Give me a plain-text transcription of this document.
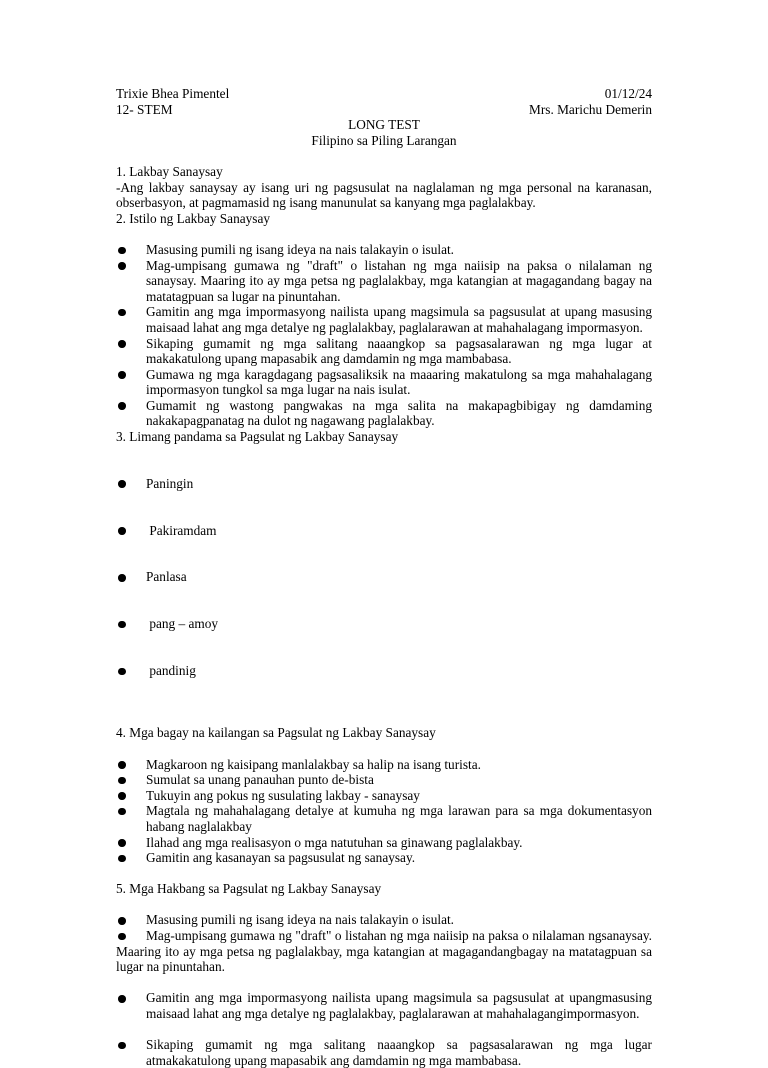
Trixie Bhea Pimentel	01/12/24
12- STEM	Mrs. Marichu Demerin
LONG TEST
Filipino sa Piling Larangan
1. Lakbay Sanaysay
-Ang lakbay sanaysay ay isang uri ng pagsusulat na naglalaman ng mga personal na karanasan, obserbasyon, at pagmamasid ng isang manunulat sa kanyang mga paglalakbay.
2. Istilo ng Lakbay Sanaysay
Masusing pumili ng isang ideya na nais talakayin o isulat.
Mag-umpisang gumawa ng "draft" o listahan ng mga naiisip na paksa o nilalaman ng sanaysay. Maaring ito ay mga petsa ng paglalakbay, mga katangian at magagandang bagay na matatagpuan sa lugar na pinuntahan.
Gamitin ang mga impormasyong nailista upang magsimula sa pagsusulat at upang masusing maisaad lahat ang mga detalye ng paglalakbay, paglalarawan at mahahalagang impormasyon.
Sikaping gumamit ng mga salitang naaangkop sa pagsasalarawan ng mga lugar at makakatulong upang mapasabik ang damdamin ng mga mambabasa.
Gumawa ng mga karagdagang pagsasaliksik na maaaring makatulong sa mga mahahalagang impormasyon tungkol sa mga lugar na nais isulat.
Gumamit ng wastong pangwakas na mga salita na makapagbibigay ng damdaming nakakapagpanatag na dulot ng nagawang paglalakbay.
3. Limang pandama sa Pagsulat ng Lakbay Sanaysay

Paningin

Pakiramdam

Panlasa

pang – amoy

pandinig

4. Mga bagay na kailangan sa Pagsulat ng Lakbay Sanaysay
Magkaroon ng kaisipang manlalakbay sa halip na isang turista.
Sumulat sa unang panauhan punto de-bista
Tukuyin ang pokus ng susulating lakbay - sanaysay
Magtala ng mahahalagang detalye at kumuha ng mga larawan para sa mga dokumentasyon habang naglalakbay
Ilahad ang mga realisasyon o mga natutuhan sa ginawang paglalakbay.
Gamitin ang kasanayan sa pagsusulat ng sanaysay.
5. Mga Hakbang sa Pagsulat ng Lakbay Sanaysay
Masusing pumili ng isang ideya na nais talakayin o isulat.
Mag-umpisang gumawa ng "draft" o listahan ng mga naiisip na paksa o nilalaman ngsanaysay. Maaring ito ay mga petsa ng paglalakbay, mga katangian at magagandangbagay na matatagpuan sa lugar na pinuntahan.
Gamitin ang mga impormasyong nailista upang magsimula sa pagsusulat at upangmasusing maisaad lahat ang mga detalye ng paglalakbay, paglalarawan at mahahalagangimpormasyon.
Sikaping gumamit ng mga salitang naaangkop sa pagsasalarawan ng mga lugar atmakakatulong upang mapasabik ang damdamin ng mga mambabasa.
